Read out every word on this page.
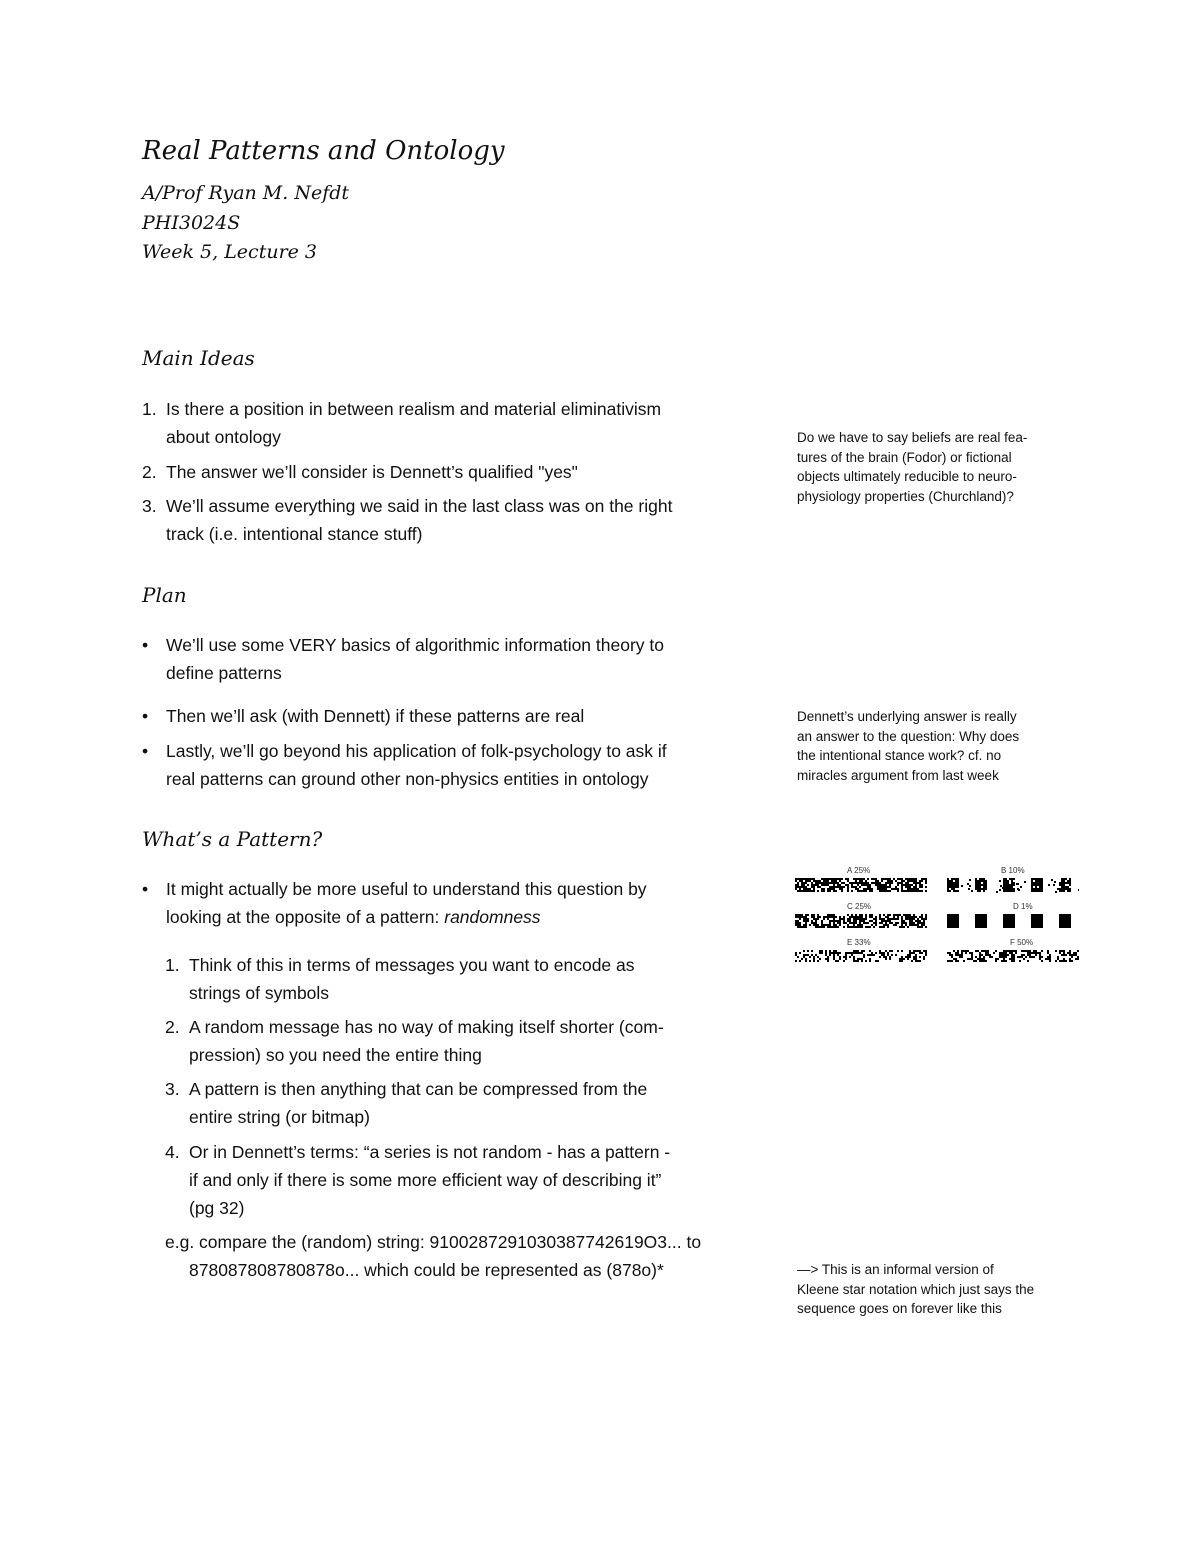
Real Patterns and Ontology
A/Prof Ryan M. Nefdt
PHI3024S
Week 5, Lecture 3
Main Ideas
1. Is there a position in between realism and material eliminativism
about ontology
2. The answer we’ll consider is Dennett’s qualified "yes"
3. We’ll assume everything we said in the last class was on the right
track (i.e. intentional stance stuff)
Plan
•	We’ll use some VERY basics of algorithmic information theory to
define patterns
•	Then we’ll ask (with Dennett) if these patterns are real
•	Lastly, we’ll go beyond his application of folk-psychology to ask if
real patterns can ground other non-physics entities in ontology
What’s a Pattern?
•	It might actually be more useful to understand this question by
looking at the opposite of a pattern: randomness
1. Think of this in terms of messages you want to encode as
strings of symbols
2. A random message has no way of making itself shorter (com-
pression) so you need the entire thing
3. A pattern is then anything that can be compressed from the
entire string (or bitmap)
4. Or in Dennett’s terms: “a series is not random - has a pattern -
if and only if there is some more efficient way of describing it”
(pg 32)
e.g. compare the (random) string: 9100287291030387742619O3... to
878087808780878o... which could be represented as (878o)*
Do we have to say beliefs are real fea-
tures of the brain (Fodor) or fictional
objects ultimately reducible to neuro-
physiology properties (Churchland)?
Dennett’s underlying answer is really
an answer to the question: Why does
the intentional stance work? cf. no
miracles argument from last week
—> This is an informal version of
Kleene star notation which just says the
sequence goes on forever like this
A 25%	B 10%
C 25%	D 1%
E 33%	F 50%
